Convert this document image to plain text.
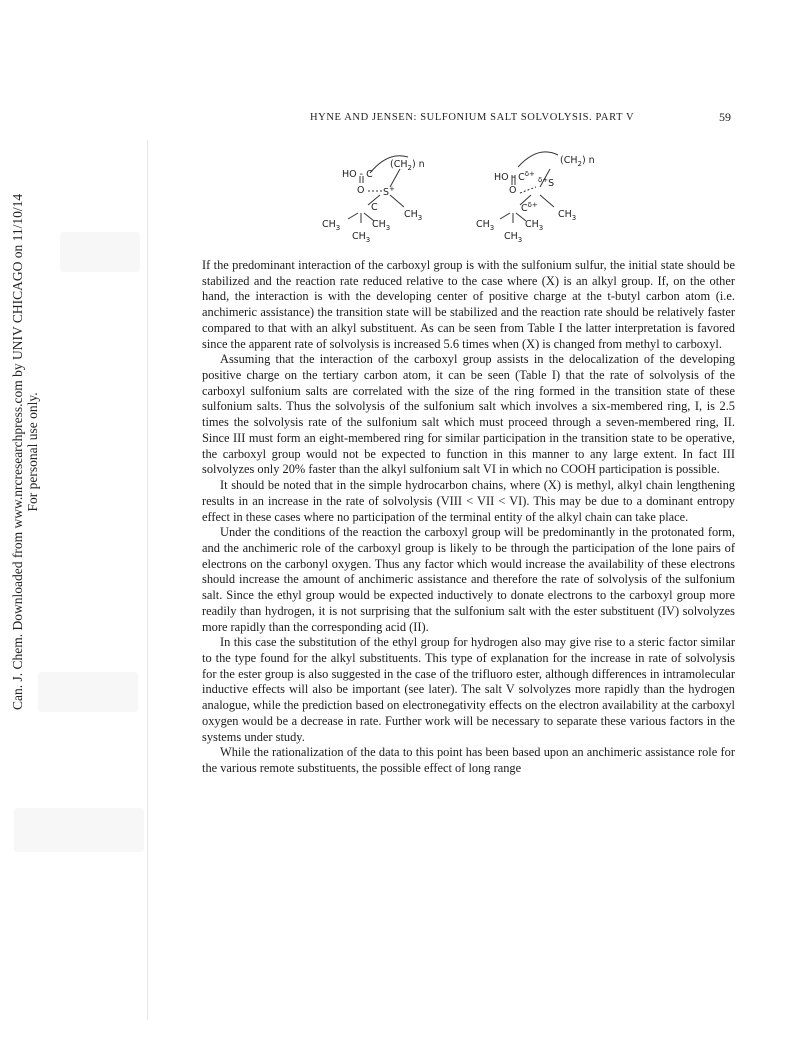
Can. J. Chem. Downloaded from www.nrcresearchpress.com by UNIV CHICAGO on 11/10/14 For personal use only.
HYNE AND JENSEN: SULFONIUM SALT SOLVOLYSIS. PART V	59
HO - C
$(CH_2)$ n
O S+
C
$CH_3$
$CH_3$	$CH_3$
$CH_3$
HO - $C^{\delta+}$
$(CH_2)$ n
O
$^{\delta+}$S
$C^{\delta+}$
$CH_3$
$CH_3$	$CH_3$
$CH_3$

If the predominant interaction of the carboxyl group is with the sulfonium sulfur, the initial state should be stabilized and the reaction rate reduced relative to the case where (X) is an alkyl group. If, on the other hand, the interaction is with the developing center of positive charge at the t-butyl carbon atom (i.e. anchimeric assistance) the transition state will be stabilized and the reaction rate should be relatively faster compared to that with an alkyl substituent. As can be seen from Table I the latter interpretation is favored since the apparent rate of solvolysis is increased 5.6 times when (X) is changed from methyl to carboxyl.

Assuming that the interaction of the carboxyl group assists in the delocalization of the developing positive charge on the tertiary carbon atom, it can be seen (Table I) that the rate of solvolysis of the carboxyl sulfonium salts are correlated with the size of the ring formed in the transition state of these sulfonium salts. Thus the solvolysis of the sulfonium salt which involves a six-membered ring, I, is 2.5 times the solvolysis rate of the sulfonium salt which must proceed through a seven-membered ring, II. Since III must form an eight-membered ring for similar participation in the transition state to be operative, the carboxyl group would not be expected to function in this manner to any large extent. In fact III solvolyzes only 20% faster than the alkyl sulfonium salt VI in which no COOH participation is possible.

It should be noted that in the simple hydrocarbon chains, where (X) is methyl, alkyl chain lengthening results in an increase in the rate of solvolysis (VIII < VII < VI). This may be due to a dominant entropy effect in these cases where no participation of the terminal entity of the alkyl chain can take place.

Under the conditions of the reaction the carboxyl group will be predominantly in the protonated form, and the anchimeric role of the carboxyl group is likely to be through the participation of the lone pairs of electrons on the carbonyl oxygen. Thus any factor which would increase the availability of these electrons should increase the amount of anchimeric assistance and therefore the rate of solvolysis of the sulfonium salt. Since the ethyl group would be expected inductively to donate electrons to the carboxyl group more readily than hydrogen, it is not surprising that the sulfonium salt with the ester substituent (IV) solvolyzes more rapidly than the corresponding acid (II).

In this case the substitution of the ethyl group for hydrogen also may give rise to a steric factor similar to the type found for the alkyl substituents. This type of explanation for the increase in rate of solvolysis for the ester group is also suggested in the case of the trifluoro ester, although differences in intramolecular inductive effects will also be important (see later). The salt V solvolyzes more rapidly than the hydrogen analogue, while the prediction based on electronegativity effects on the electron availability at the carboxyl oxygen would be a decrease in rate. Further work will be necessary to separate these various factors in the systems under study.

While the rationalization of the data to this point has been based upon an anchimeric assistance role for the various remote substituents, the possible effect of long range
